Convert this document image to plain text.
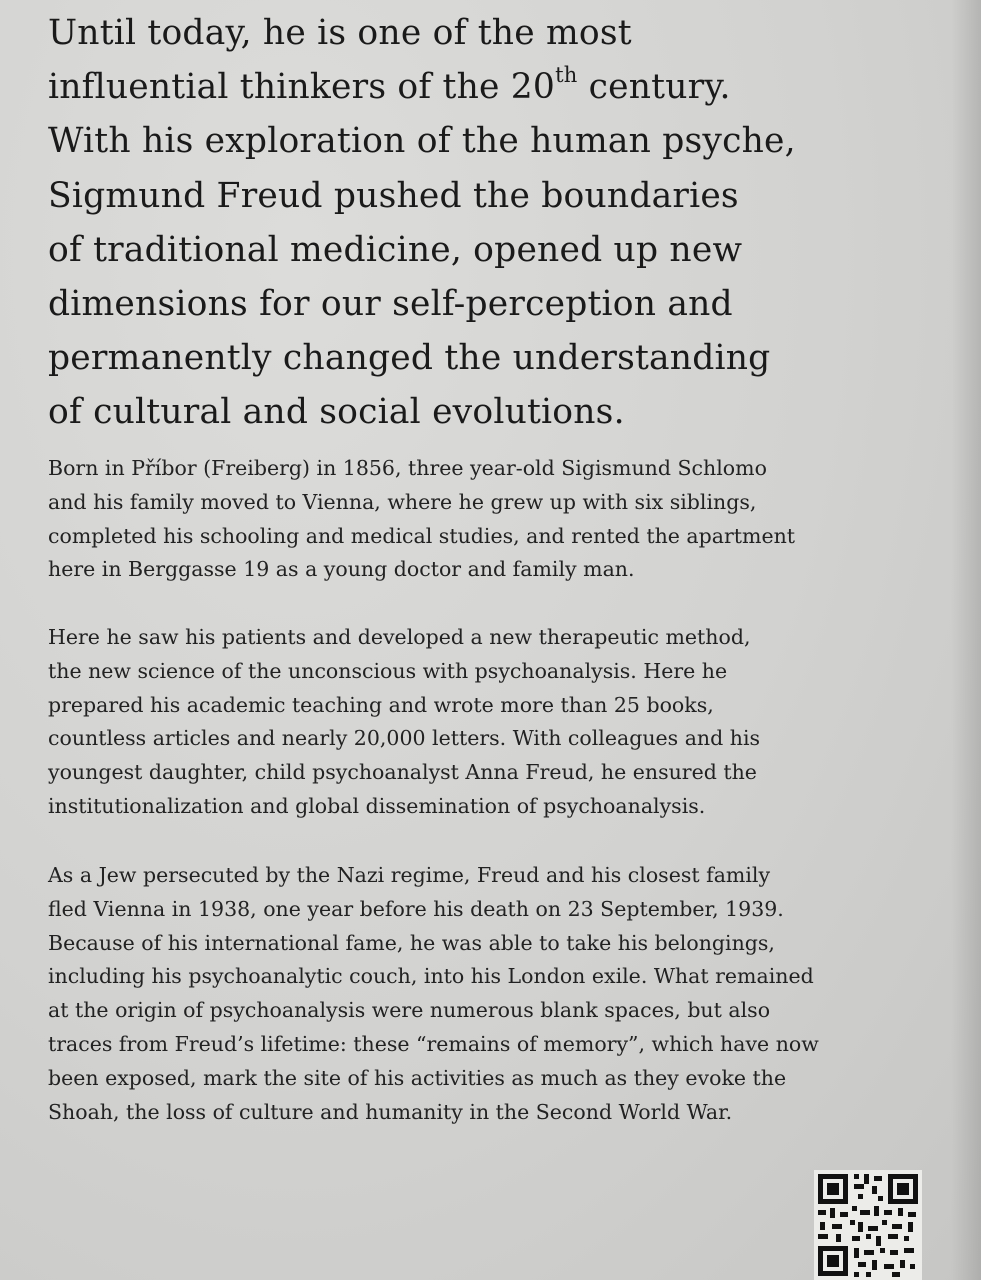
Until today, he is one of the most
influential thinkers of the 20th century.
With his exploration of the human psyche,
Sigmund Freud pushed the boundaries
of traditional medicine, opened up new
dimensions for our self-perception and
permanently changed the understanding
of cultural and social evolutions.

Born in Příbor (Freiberg) in 1856, three year-old Sigismund Schlomo
and his family moved to Vienna, where he grew up with six siblings,
completed his schooling and medical studies, and rented the apartment
here in Berggasse 19 as a young doctor and family man.

Here he saw his patients and developed a new therapeutic method,
the new science of the unconscious with psychoanalysis. Here he
prepared his academic teaching and wrote more than 25 books,
countless articles and nearly 20,000 letters. With colleagues and his
youngest daughter, child psychoanalyst Anna Freud, he ensured the
institutionalization and global dissemination of psychoanalysis.

As a Jew persecuted by the Nazi regime, Freud and his closest family
fled Vienna in 1938, one year before his death on 23 September, 1939.
Because of his international fame, he was able to take his belongings,
including his psychoanalytic couch, into his London exile. What remained
at the origin of psychoanalysis were numerous blank spaces, but also
traces from Freud’s lifetime: these “remains of memory”, which have now
been exposed, mark the site of his activities as much as they evoke the
Shoah, the loss of culture and humanity in the Second World War.
